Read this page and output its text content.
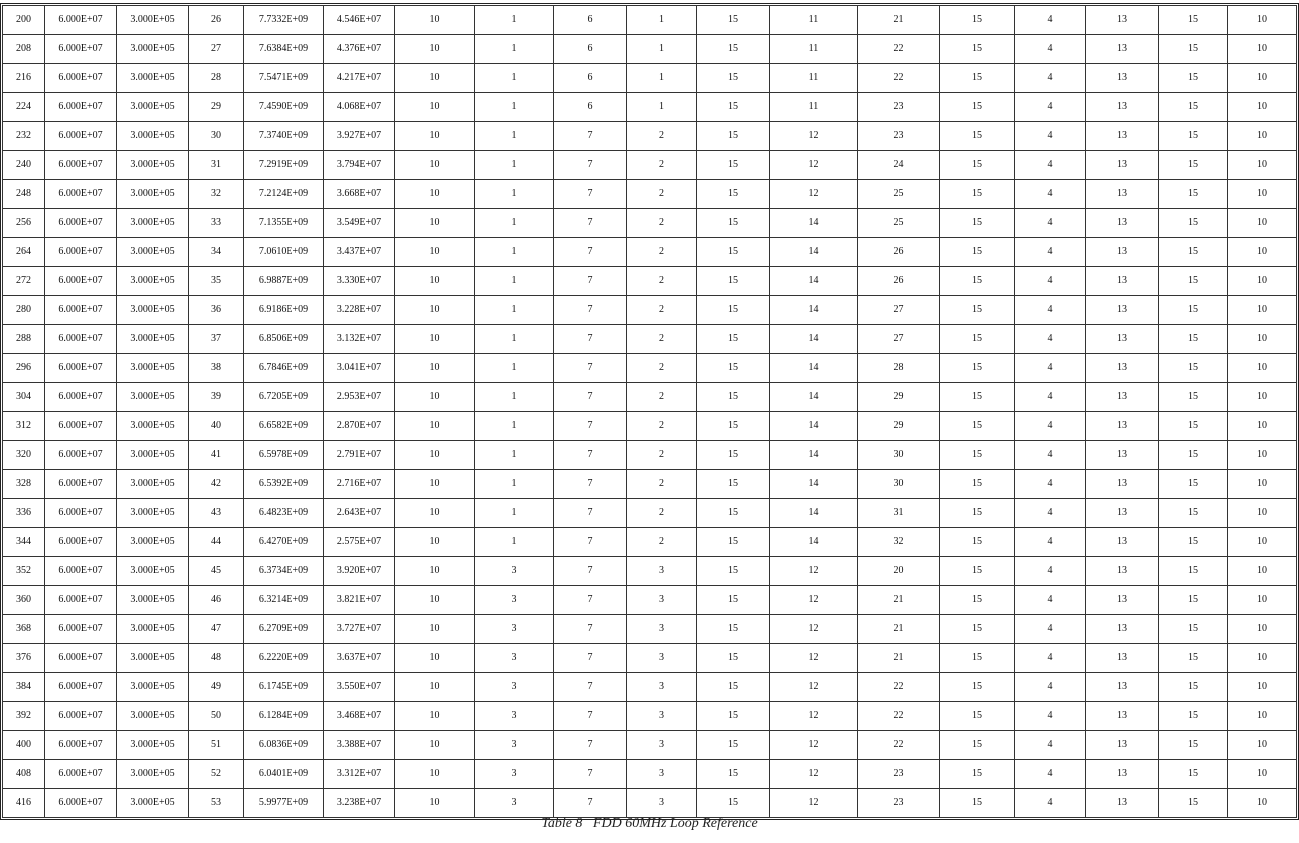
200	6.000E+07	3.000E+05	26	7.7332E+09	4.546E+07	10	1	6	1	15	11	21	15	4	13	15	10
208	6.000E+07	3.000E+05	27	7.6384E+09	4.376E+07	10	1	6	1	15	11	22	15	4	13	15	10
216	6.000E+07	3.000E+05	28	7.5471E+09	4.217E+07	10	1	6	1	15	11	22	15	4	13	15	10
224	6.000E+07	3.000E+05	29	7.4590E+09	4.068E+07	10	1	6	1	15	11	23	15	4	13	15	10
232	6.000E+07	3.000E+05	30	7.3740E+09	3.927E+07	10	1	7	2	15	12	23	15	4	13	15	10
240	6.000E+07	3.000E+05	31	7.2919E+09	3.794E+07	10	1	7	2	15	12	24	15	4	13	15	10
248	6.000E+07	3.000E+05	32	7.2124E+09	3.668E+07	10	1	7	2	15	12	25	15	4	13	15	10
256	6.000E+07	3.000E+05	33	7.1355E+09	3.549E+07	10	1	7	2	15	14	25	15	4	13	15	10
264	6.000E+07	3.000E+05	34	7.0610E+09	3.437E+07	10	1	7	2	15	14	26	15	4	13	15	10
272	6.000E+07	3.000E+05	35	6.9887E+09	3.330E+07	10	1	7	2	15	14	26	15	4	13	15	10
280	6.000E+07	3.000E+05	36	6.9186E+09	3.228E+07	10	1	7	2	15	14	27	15	4	13	15	10
288	6.000E+07	3.000E+05	37	6.8506E+09	3.132E+07	10	1	7	2	15	14	27	15	4	13	15	10
296	6.000E+07	3.000E+05	38	6.7846E+09	3.041E+07	10	1	7	2	15	14	28	15	4	13	15	10
304	6.000E+07	3.000E+05	39	6.7205E+09	2.953E+07	10	1	7	2	15	14	29	15	4	13	15	10
312	6.000E+07	3.000E+05	40	6.6582E+09	2.870E+07	10	1	7	2	15	14	29	15	4	13	15	10
320	6.000E+07	3.000E+05	41	6.5978E+09	2.791E+07	10	1	7	2	15	14	30	15	4	13	15	10
328	6.000E+07	3.000E+05	42	6.5392E+09	2.716E+07	10	1	7	2	15	14	30	15	4	13	15	10
336	6.000E+07	3.000E+05	43	6.4823E+09	2.643E+07	10	1	7	2	15	14	31	15	4	13	15	10
344	6.000E+07	3.000E+05	44	6.4270E+09	2.575E+07	10	1	7	2	15	14	32	15	4	13	15	10
352	6.000E+07	3.000E+05	45	6.3734E+09	3.920E+07	10	3	7	3	15	12	20	15	4	13	15	10
360	6.000E+07	3.000E+05	46	6.3214E+09	3.821E+07	10	3	7	3	15	12	21	15	4	13	15	10
368	6.000E+07	3.000E+05	47	6.2709E+09	3.727E+07	10	3	7	3	15	12	21	15	4	13	15	10
376	6.000E+07	3.000E+05	48	6.2220E+09	3.637E+07	10	3	7	3	15	12	21	15	4	13	15	10
384	6.000E+07	3.000E+05	49	6.1745E+09	3.550E+07	10	3	7	3	15	12	22	15	4	13	15	10
392	6.000E+07	3.000E+05	50	6.1284E+09	3.468E+07	10	3	7	3	15	12	22	15	4	13	15	10
400	6.000E+07	3.000E+05	51	6.0836E+09	3.388E+07	10	3	7	3	15	12	22	15	4	13	15	10
408	6.000E+07	3.000E+05	52	6.0401E+09	3.312E+07	10	3	7	3	15	12	23	15	4	13	15	10
416	6.000E+07	3.000E+05	53	5.9977E+09	3.238E+07	10	3	7	3	15	12	23	15	4	13	15	10
Table 8   FDD 60MHz Loop Reference
